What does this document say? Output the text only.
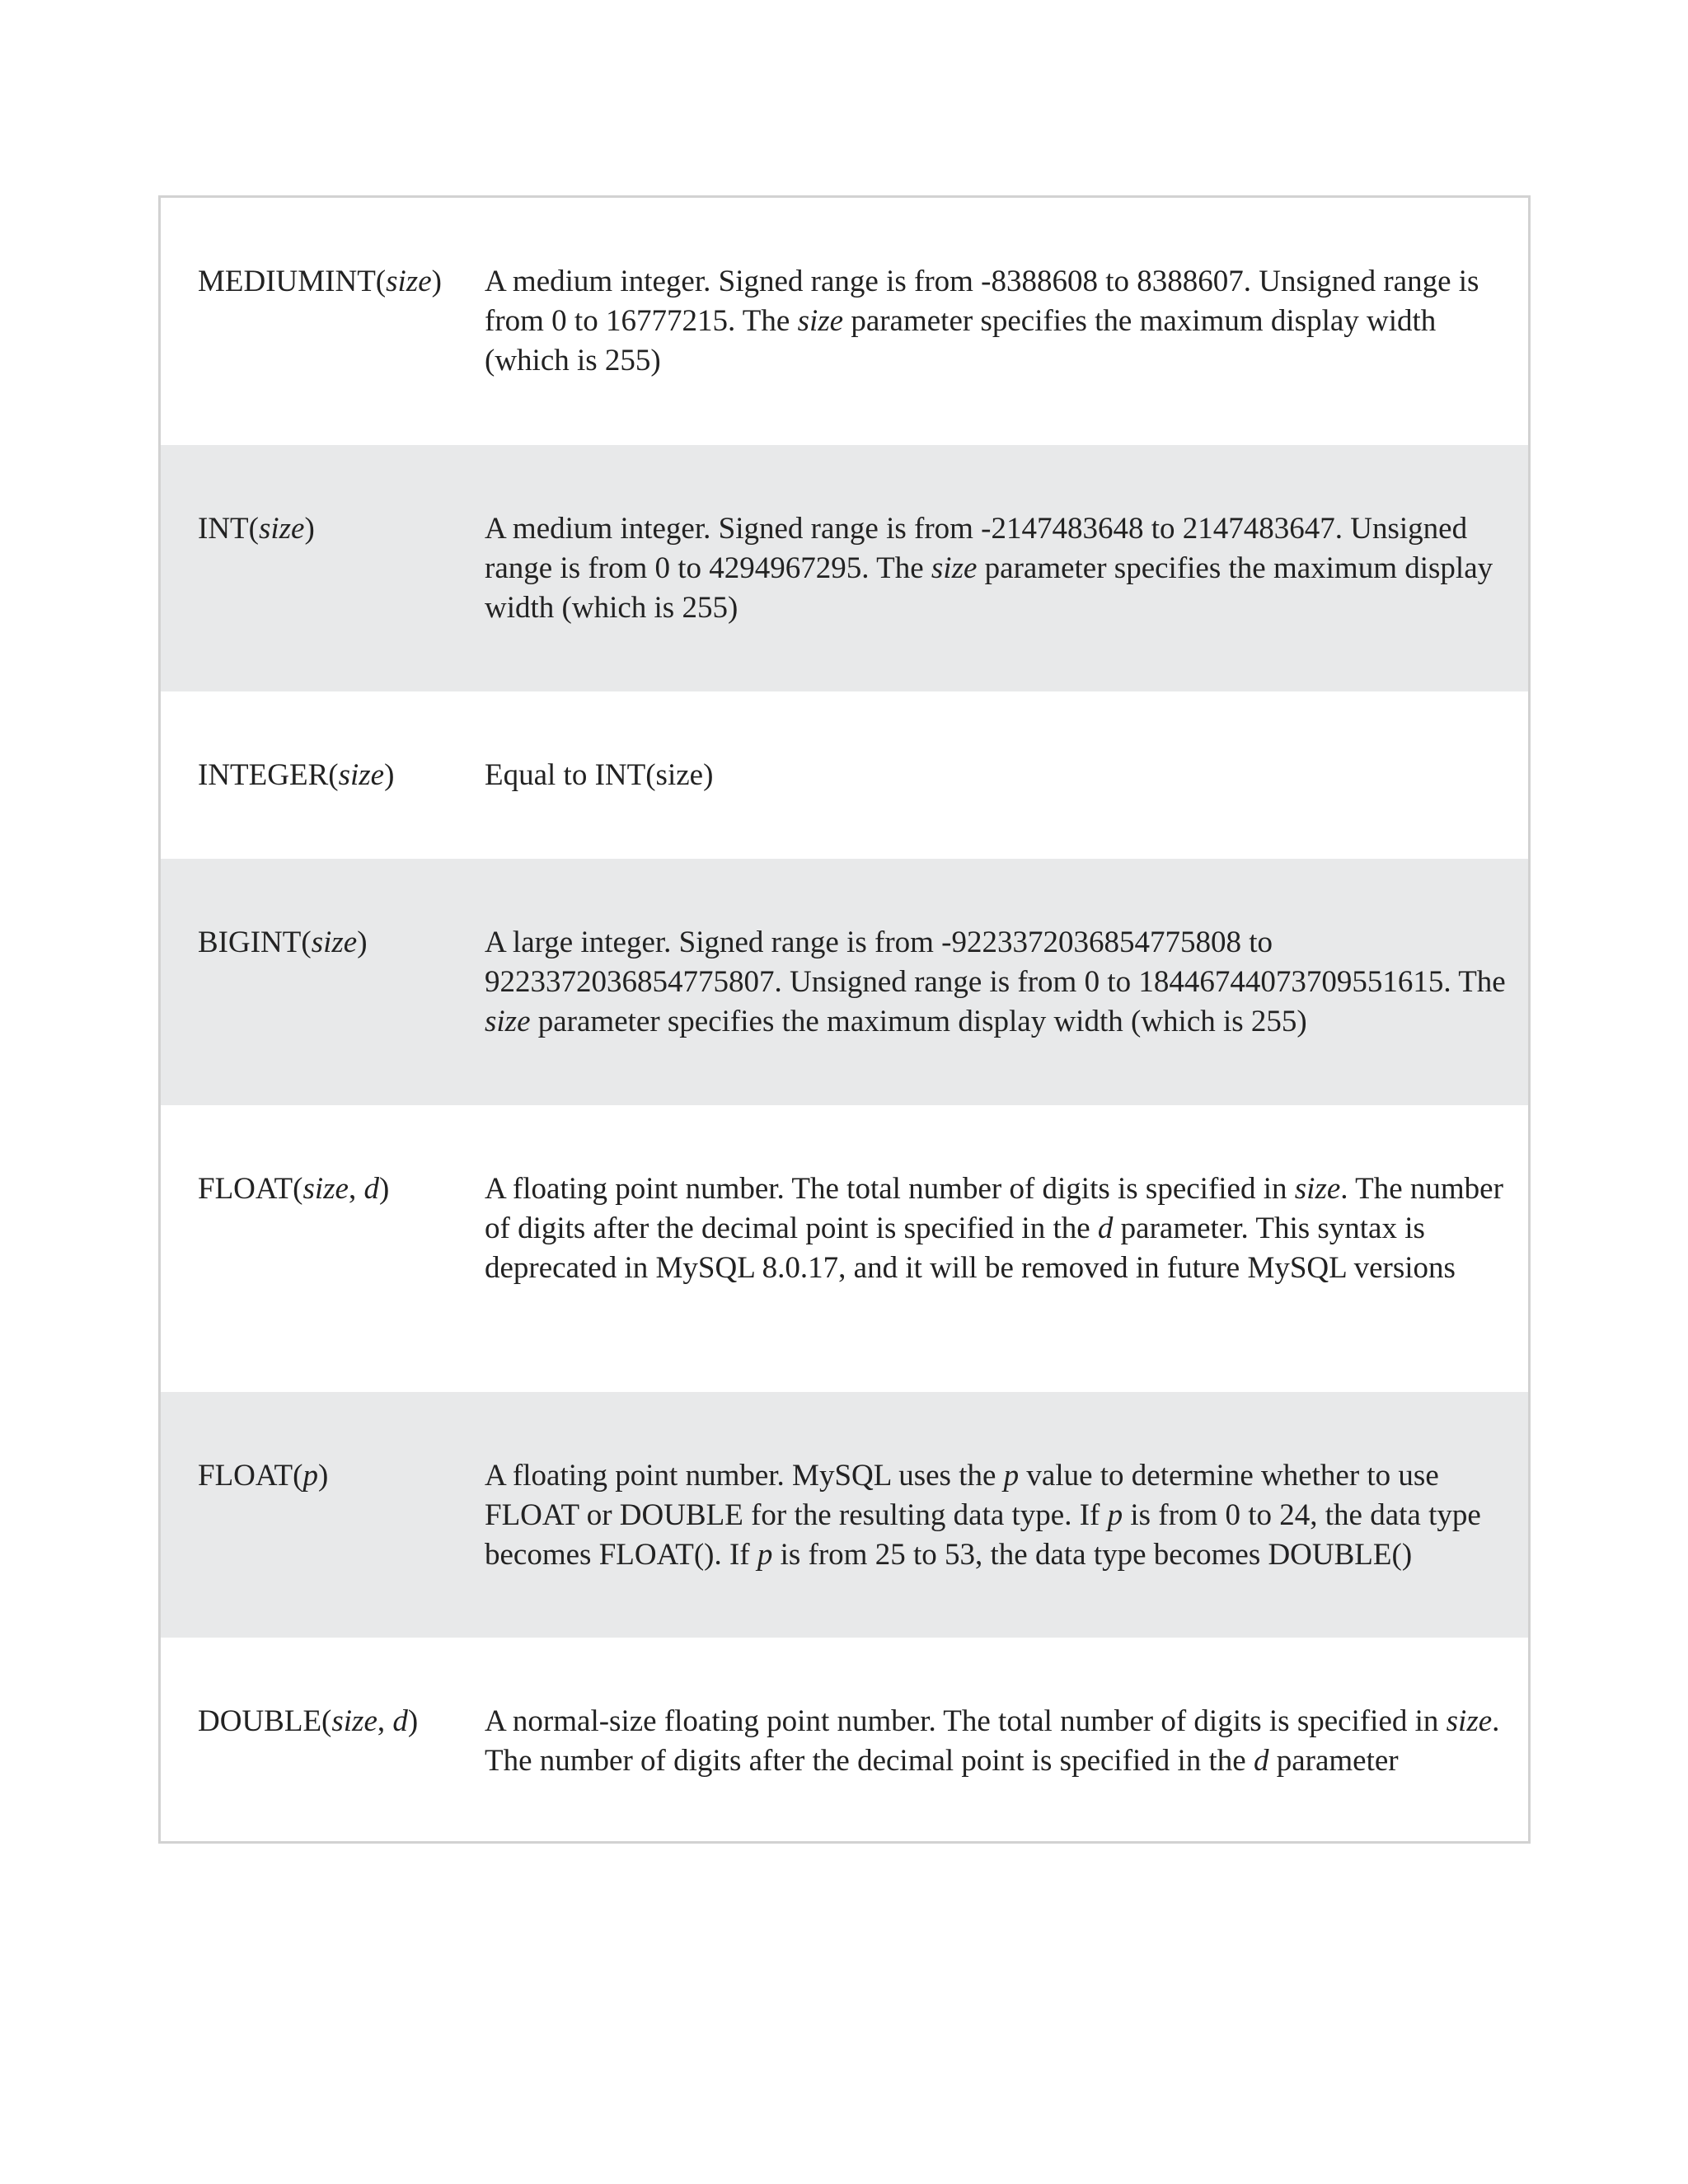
MEDIUMINT(size)	A medium integer. Signed range is from -8388608 to 8388607. Unsigned range is from 0 to 16777215. The size parameter specifies the maximum display width (which is 255)
INT(size)	A medium integer. Signed range is from -2147483648 to 2147483647. Unsigned range is from 0 to 4294967295. The size parameter specifies the maximum display width (which is 255)
INTEGER(size)	Equal to INT(size)
BIGINT(size)	A large integer. Signed range is from -9223372036854775808 to 9223372036854775807. Unsigned range is from 0 to 18446744073709551615. The size parameter specifies the maximum display width (which is 255)
FLOAT(size, d)	A floating point number. The total number of digits is specified in size. The number of digits after the decimal point is specified in the d parameter. This syntax is deprecated in MySQL 8.0.17, and it will be removed in future MySQL versions
FLOAT(p)	A floating point number. MySQL uses the p value to determine whether to use FLOAT or DOUBLE for the resulting data type. If p is from 0 to 24, the data type becomes FLOAT(). If p is from 25 to 53, the data type becomes DOUBLE()
DOUBLE(size, d)	A normal-size floating point number. The total number of digits is specified in size. The number of digits after the decimal point is specified in the d parameter
